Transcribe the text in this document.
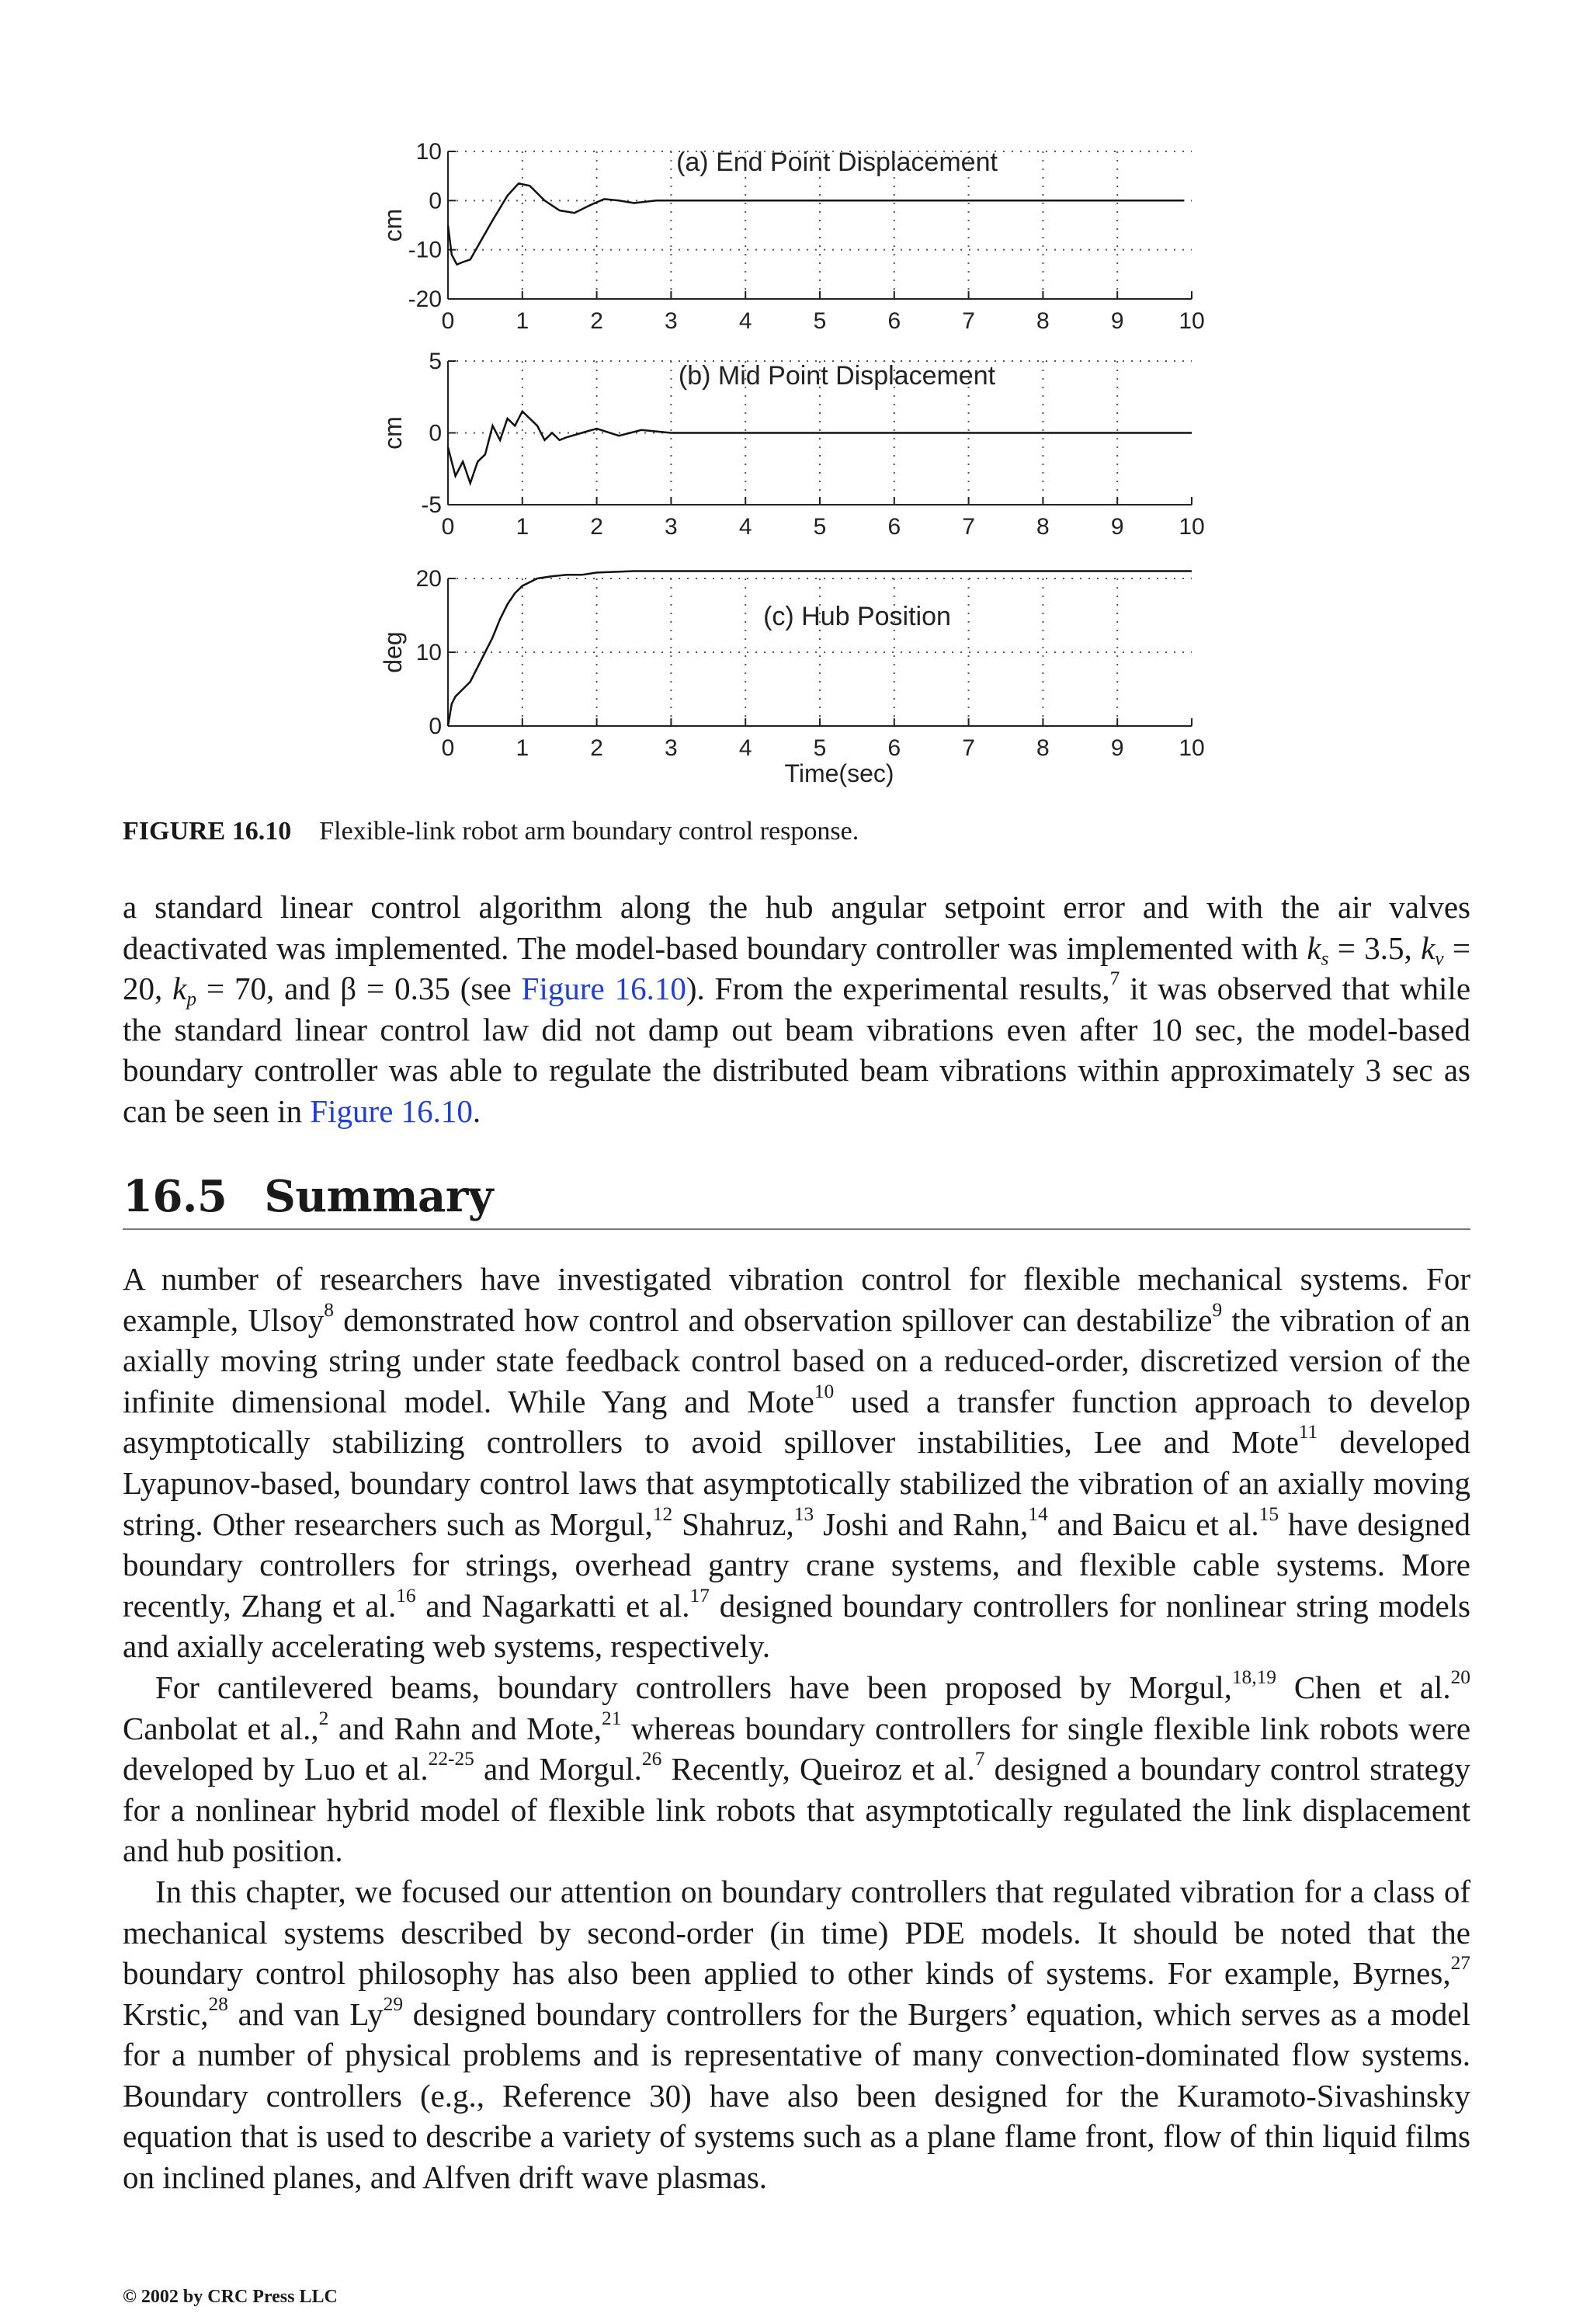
0	1	2	3	4	5	6	7	8	9 10
10
0
-10
-20
cm
(a) End Point Displacement
0	1	2	3	4	5	6	7	8	9 10
5
0
-5
cm
(b) Mid Point Displacement
0	1	2	3	4	5	6	7	8	9 10
20
10
0
deg
(c) Hub Position
Time(sec)
FIGURE 16.10 Flexible-link robot arm boundary control response.

a standard linear control algorithm along the hub angular setpoint error and with the air valves deactivated was implemented. The model-based boundary controller was implemented with $k_s = 3.5$, $k_v = 20$, $k_p = 70$, and β = 0.35 (see Figure 16.10). From the experimental results,$^7$ it was observed that while the standard linear control law did not damp out beam vibrations even after 10 sec, the model-based boundary controller was able to regulate the distributed beam vibrations within approximately 3 sec as can be seen in Figure 16.10.

16.5 Summary

A number of researchers have investigated vibration control for flexible mechanical systems. For example, Ulsoy$^8$ demonstrated how control and observation spillover can destabilize$^9$ the vibration of an axially moving string under state feedback control based on a reduced-order, discretized version of the infinite dimensional model. While Yang and Mote$^{10}$ used a transfer function approach to develop asymptotically stabilizing controllers to avoid spillover instabilities, Lee and Mote$^{11}$ developed Lyapunov-based, boundary control laws that asymptotically stabilized the vibration of an axially moving string. Other researchers such as Morgul,$^{12}$ Shahruz,$^{13}$ Joshi and Rahn,$^{14}$ and Baicu et al.$^{15}$ have designed boundary controllers for strings, overhead gantry crane systems, and flexible cable systems. More recently, Zhang et al.$^{16}$ and Nagarkatti et al.$^{17}$ designed boundary controllers for nonlinear string models and axially accelerating web systems, respectively.

For cantilevered beams, boundary controllers have been proposed by Morgul,$^{18,19}$ Chen et al.$^{20}$ Canbolat et al.,$^2$ and Rahn and Mote,$^{21}$ whereas boundary controllers for single flexible link robots were developed by Luo et al.$^{22-25}$ and Morgul.$^{26}$ Recently, Queiroz et al.$^7$ designed a boundary control strategy for a nonlinear hybrid model of flexible link robots that asymptotically regulated the link displacement and hub position.

In this chapter, we focused our attention on boundary controllers that regulated vibration for a class of mechanical systems described by second-order (in time) PDE models. It should be noted that the boundary control philosophy has also been applied to other kinds of systems. For example, Byrnes,$^{27}$ Krstic,$^{28}$ and van Ly$^{29}$ designed boundary controllers for the Burgers’ equation, which serves as a model for a number of physical problems and is representative of many convection-dominated flow systems. Boundary controllers (e.g., Reference 30) have also been designed for the Kuramoto-Sivashinsky equation that is used to describe a variety of systems such as a plane flame front, flow of thin liquid films on inclined planes, and Alfven drift wave plasmas.

© 2002 by CRC Press LLC
